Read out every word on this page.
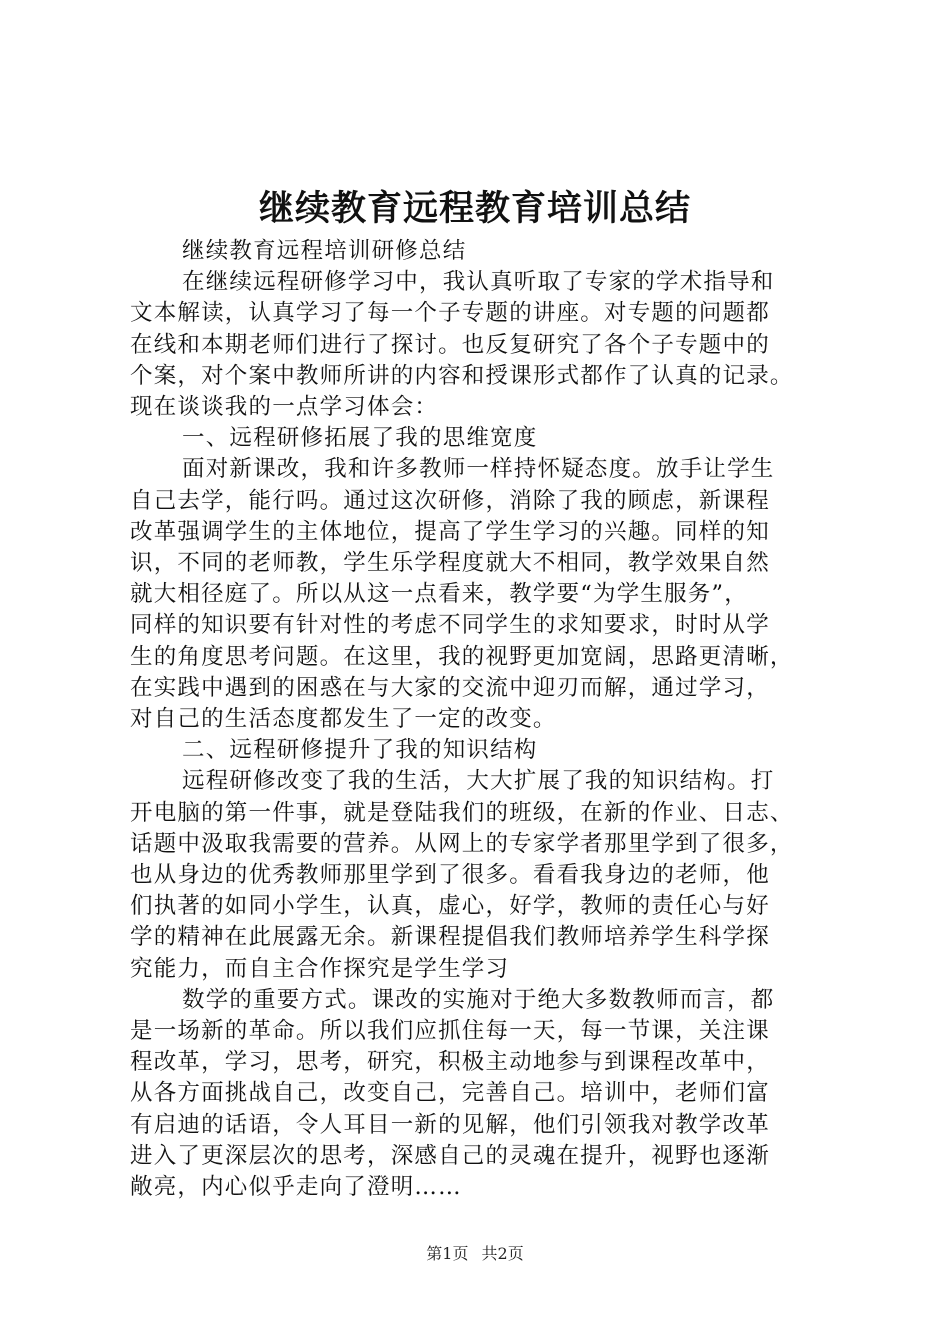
继续教育远程教育培训总结
继续教育远程培训研修总结
在继续远程研修学习中，我认真听取了专家的学术指导和
文本解读，认真学习了每一个子专题的讲座。对专题的问题都
在线和本期老师们进行了探讨。也反复研究了各个子专题中的
个案，对个案中教师所讲的内容和授课形式都作了认真的记录。
现在谈谈我的一点学习体会：
一、远程研修拓展了我的思维宽度
面对新课改，我和许多教师一样持怀疑态度。放手让学生
自己去学，能行吗。通过这次研修，消除了我的顾虑，新课程
改革强调学生的主体地位，提高了学生学习的兴趣。同样的知
识，不同的老师教，学生乐学程度就大不相同，教学效果自然
就大相径庭了。所以从这一点看来，教学要“为学生服务”，
同样的知识要有针对性的考虑不同学生的求知要求，时时从学
生的角度思考问题。在这里，我的视野更加宽阔，思路更清晰，
在实践中遇到的困惑在与大家的交流中迎刃而解，通过学习，
对自己的生活态度都发生了一定的改变。
二、远程研修提升了我的知识结构
远程研修改变了我的生活，大大扩展了我的知识结构。打
开电脑的第一件事，就是登陆我们的班级，在新的作业、日志、
话题中汲取我需要的营养。从网上的专家学者那里学到了很多，
也从身边的优秀教师那里学到了很多。看看我身边的老师，他
们执著的如同小学生，认真，虚心，好学，教师的责任心与好
学的精神在此展露无余。新课程提倡我们教师培养学生科学探
究能力，而自主合作探究是学生学习
数学的重要方式。课改的实施对于绝大多数教师而言，都
是一场新的革命。所以我们应抓住每一天，每一节课，关注课
程改革，学习，思考，研究，积极主动地参与到课程改革中，
从各方面挑战自己，改变自己，完善自己。培训中，老师们富
有启迪的话语，令人耳目一新的见解，他们引领我对教学改革
进入了更深层次的思考，深感自己的灵魂在提升，视野也逐渐
敞亮，内心似乎走向了澄明……
第1页 共2页
